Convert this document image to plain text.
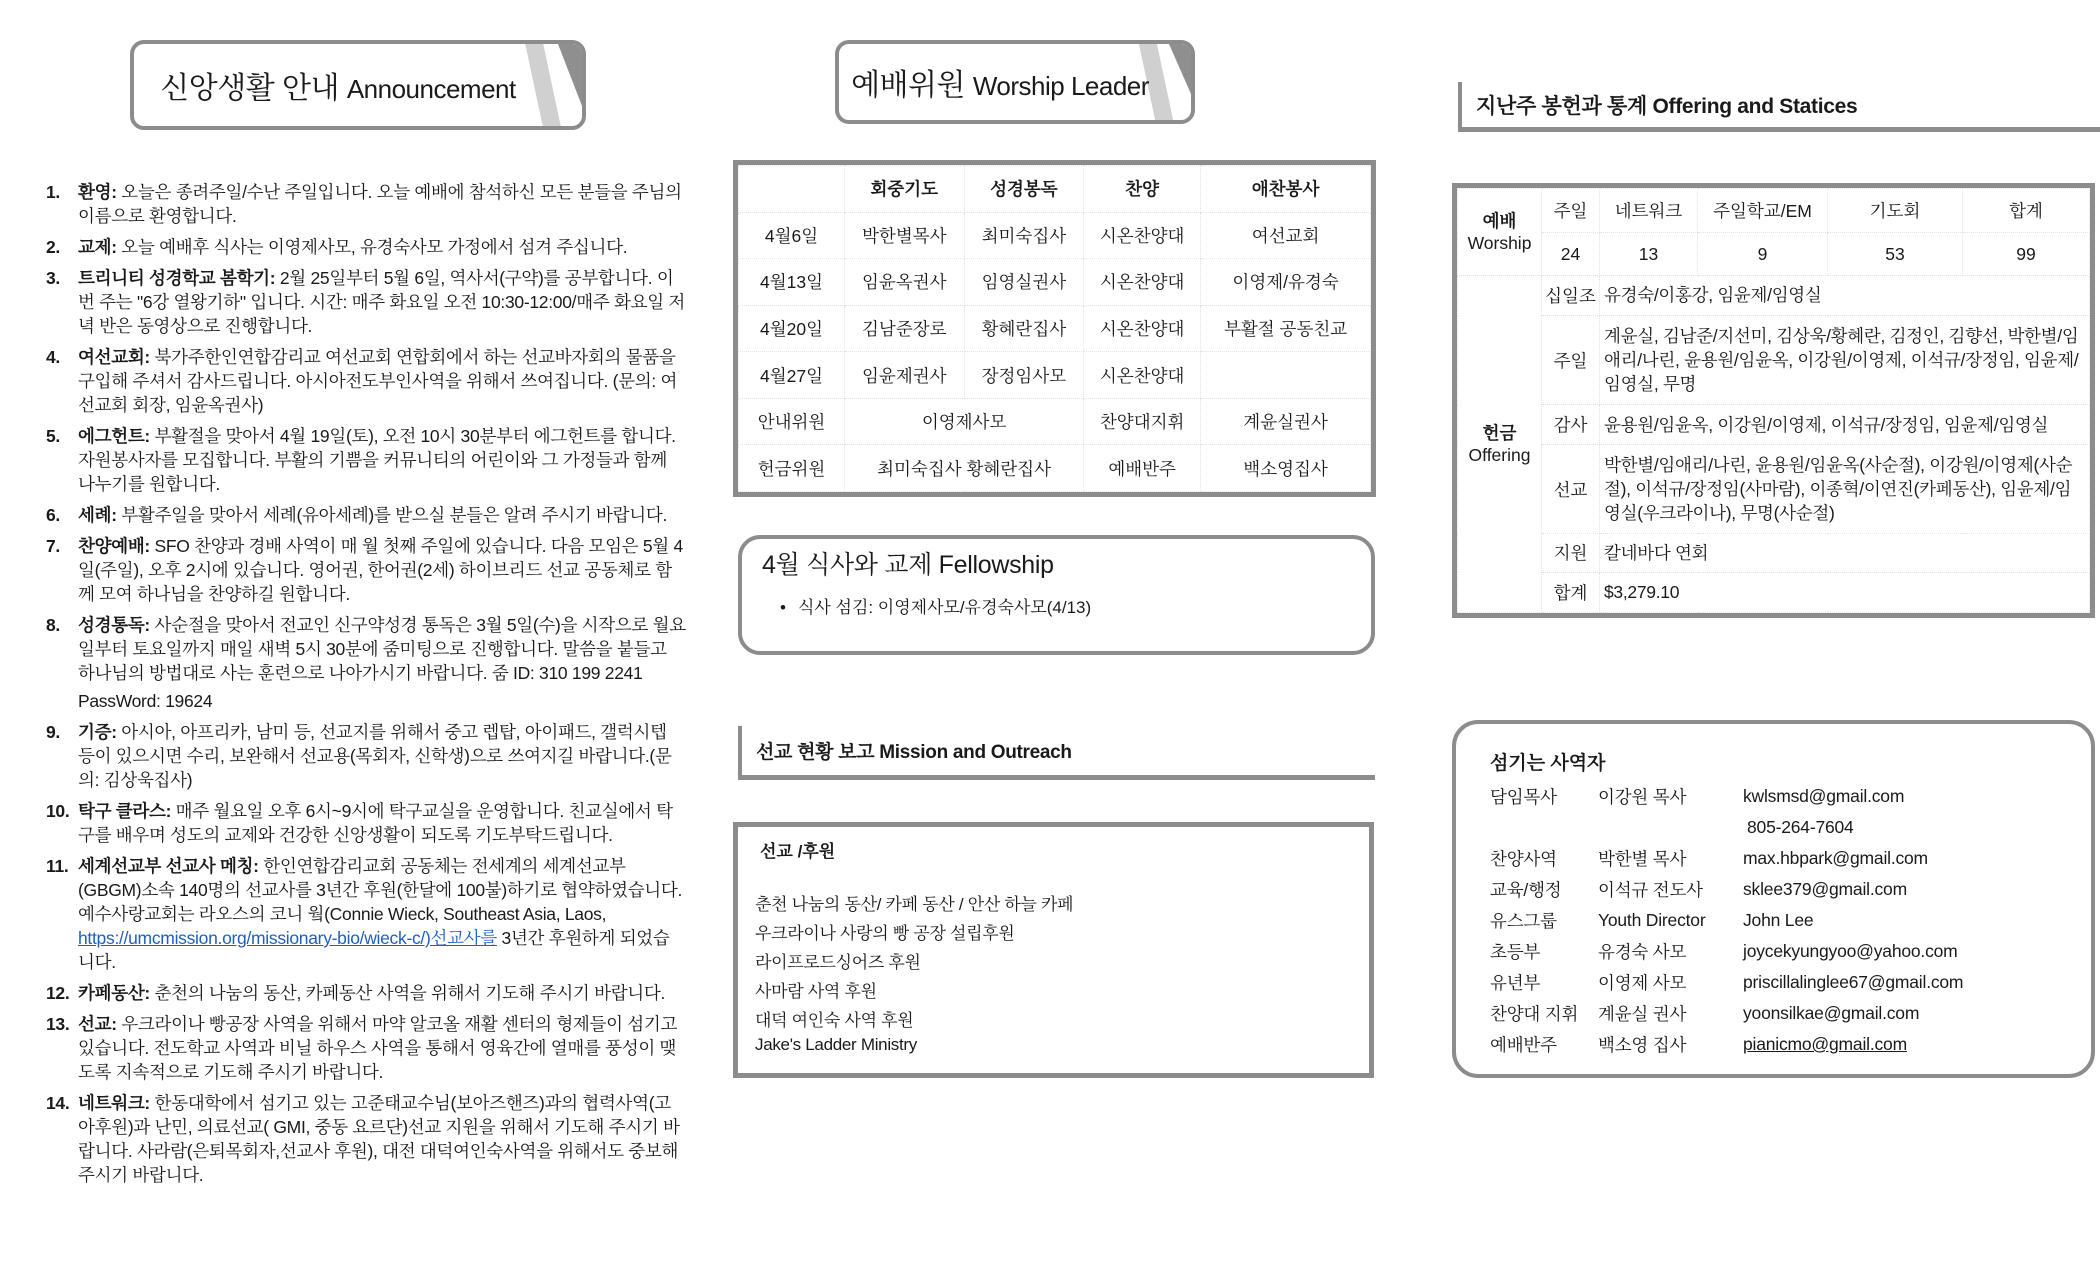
신앙생활 안내 Announcement
1.	환영: 오늘은 종려주일/수난 주일입니다. 오늘 예배에 참석하신 모든 분들을 주님의 이름으로 환영합니다.
2.	교제: 오늘 예배후 식사는 이영제사모, 유경숙사모 가정에서 섬겨 주십니다.
3.	트리니티 성경학교 봄학기: 2월 25일부터 5월 6일, 역사서(구약)를 공부합니다. 이번 주는 "6강 열왕기하" 입니다. 시간: 매주 화요일 오전 10:30-12:00/매주 화요일 저녁 반은 동영상으로 진행합니다.
4.	여선교회: 북가주한인연합감리교 여선교회 연합회에서 하는 선교바자회의 물품을 구입해 주셔서 감사드립니다. 아시아전도부인사역을 위해서 쓰여집니다. (문의: 여선교회 회장, 임윤옥권사)
5.	에그헌트: 부활절을 맞아서 4월 19일(토), 오전 10시 30분부터 에그헌트를 합니다. 자원봉사자를 모집합니다. 부활의 기쁨을 커뮤니티의 어린이와 그 가정들과 함께 나누기를 원합니다.
6.	세례: 부활주일을 맞아서 세례(유아세례)를 받으실 분들은 알려 주시기 바랍니다.
7.	찬양예배: SFO 찬양과 경배 사역이 매 월 첫째 주일에 있습니다. 다음 모임은 5월 4일(주일), 오후 2시에 있습니다. 영어권, 한어권(2세) 하이브리드 선교 공동체로 함께 모여 하나님을 찬양하길 원합니다.
8.	성경통독: 사순절을 맞아서 전교인 신구약성경 통독은 3월 5일(수)을 시작으로 월요일부터 토요일까지 매일 새벽 5시 30분에 줌미팅으로 진행합니다. 말씀을 붙들고 하나님의 방법대로 사는 훈련으로 나아가시기 바랍니다. 줌 ID: 310 199 2241
PassWord: 19624
9.	기증: 아시아, 아프리카, 남미 등, 선교지를 위해서 중고 렙탑, 아이패드, 갤럭시텝 등이 있으시면 수리, 보완해서 선교용(목회자, 신학생)으로 쓰여지길 바랍니다.(문의: 김상욱집사)
10. 탁구 클라스: 매주 월요일 오후 6시~9시에 탁구교실을 운영합니다. 친교실에서 탁구를 배우며 성도의 교제와 건강한 신앙생활이 되도록 기도부탁드립니다.
11. 세계선교부 선교사 메칭: 한인연합감리교회 공동체는 전세계의 세계선교부(GBGM)소속 140명의 선교사를 3년간 후원(한달에 100불)하기로 협약하였습니다. 예수사랑교회는 라오스의 코니 웤(Connie Wieck, Southeast Asia, Laos, https://umcmission.org/missionary-bio/wieck-c/)선교사를 3년간 후원하게 되었습니다.
12. 카페동산: 춘천의 나눔의 동산, 카페동산 사역을 위해서 기도해 주시기 바랍니다.
13. 선교: 우크라이나 빵공장 사역을 위해서 마약 알코올 재활 센터의 형제들이 섬기고 있습니다. 전도학교 사역과 비닐 하우스 사역을 통해서 영육간에 열매를 풍성이 맺도록 지속적으로 기도해 주시기 바랍니다.
14. 네트워크: 한동대학에서 섬기고 있는 고준태교수님(보아즈핸즈)과의 협력사역(고아후원)과 난민, 의료선교( GMI, 중동 요르단)선교 지원을 위해서 기도해 주시기 바랍니다. 사라람(은퇴목회자,선교사 후원), 대전 대덕여인숙사역을 위해서도 중보해 주시기 바랍니다.
예배위원 Worship Leader
	회중기도	성경봉독	찬양	애찬봉사
4월6일	박한별목사	최미숙집사	시온찬양대	여선교회
4월13일	임윤옥권사	임영실권사	시온찬양대	이영제/유경숙
4월20일	김남준장로	황혜란집사	시온찬양대	부활절 공동친교
4월27일	임윤제권사	장정임사모	시온찬양대	
안내위원	이영제사모		찬양대지휘	계윤실권사
헌금위원	최미숙집사 황혜란집사		예배반주	백소영집사
4월 식사와 교제 Fellowship
• 식사 섬김: 이영제사모/유경숙사모(4/13)
선교 현황 보고 Mission and Outreach
선교 /후원
춘천 나눔의 동산/ 카페 동산 / 안산 하늘 카페
우크라이나 사랑의 빵 공장 설립후원
라이프로드싱어즈 후원
사마람 사역 후원
대덕 여인숙 사역 후원
Jake's Ladder Ministry
지난주 봉헌과 통계 Offering and Statices
예배
Worship	주일	네트워크	주일학교/EM	기도회	합계
	24	13	9	53	99

헌금
Offering	십일조	유경숙/이홍강, 임윤제/임영실			
	주일	계윤실, 김남준/지선미, 김상욱/황혜란, 김정인, 김향선, 박한별/임애리/나린, 윤용원/임윤옥, 이강원/이영제, 이석규/장정임, 임윤제/임영실, 무명			
	감사	윤용원/임윤옥, 이강원/이영제, 이석규/장정임, 임윤제/임영실			
	선교	박한별/임애리/나린, 윤용원/임윤옥(사순절), 이강원/이영제(사순절), 이석규/장정임(사마람), 이종혁/이연진(카페동산), 임윤제/임영실(우크라이나), 무명(사순절)			
	지원	칼네바다 연회			
	합계	$3,279.10			
섬기는 사역자
담임목사	이강원 목사	kwlsmsd@gmail.com
805-264-7604
찬양사역	박한별 목사	max.hbpark@gmail.com
교육/행정	이석규 전도사	sklee379@gmail.com
유스그룹	Youth Director	John Lee
초등부	유경숙 사모	joycekyungyoo@yahoo.com
유년부	이영제 사모	priscillalinglee67@gmail.com
찬양대 지휘	계윤실 권사	yoonsilkae@gmail.com
예배반주	백소영 집사	pianicmo@gmail.com
